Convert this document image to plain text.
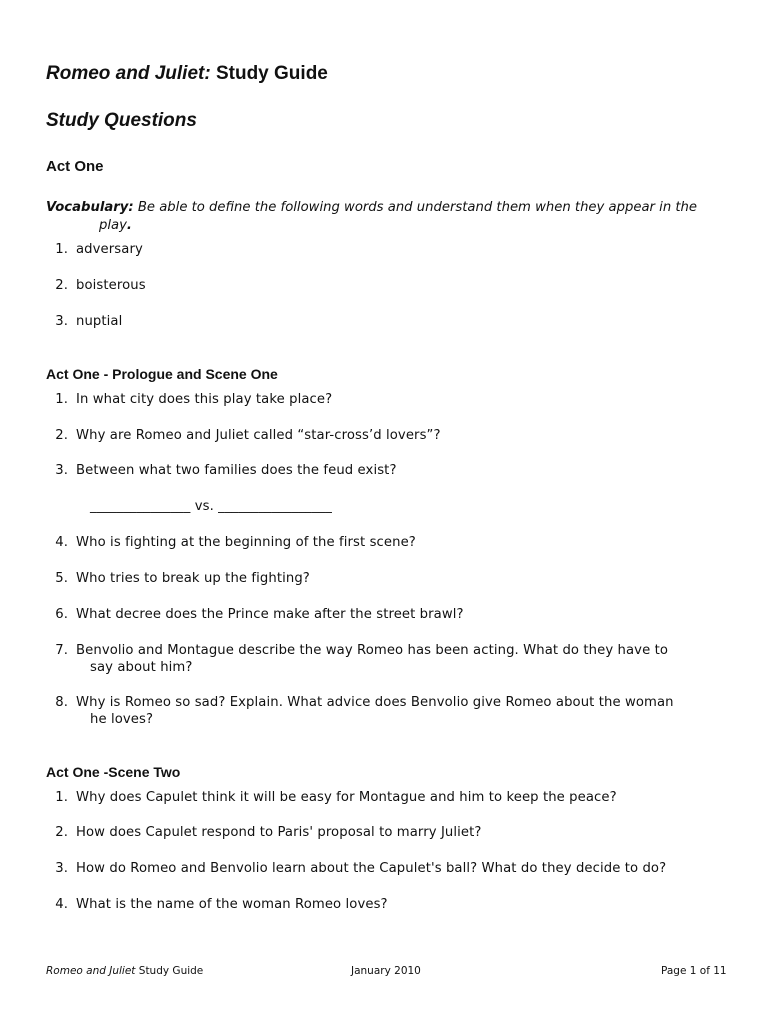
Romeo and Juliet: Study Guide
Study Questions
Act One
Vocabulary: Be able to define the following words and understand them when they appear in the
play.
1. adversary
2. boisterous
3. nuptial
Act One - Prologue and Scene One
1. In what city does this play take place?
2. Why are Romeo and Juliet called “star-cross’d lovers”?
3. Between what two families does the feud exist?
_______________ vs. _________________
4. Who is fighting at the beginning of the first scene?
5. Who tries to break up the fighting?
6. What decree does the Prince make after the street brawl?
7. Benvolio and Montague describe the way Romeo has been acting. What do they have to
say about him?
8. Why is Romeo so sad? Explain. What advice does Benvolio give Romeo about the woman
he loves?
Act One -Scene Two
1. Why does Capulet think it will be easy for Montague and him to keep the peace?
2. How does Capulet respond to Paris' proposal to marry Juliet?
3. How do Romeo and Benvolio learn about the Capulet's ball? What do they decide to do?
4. What is the name of the woman Romeo loves?
Romeo and Juliet Study Guide	January 2010	Page 1 of 11
